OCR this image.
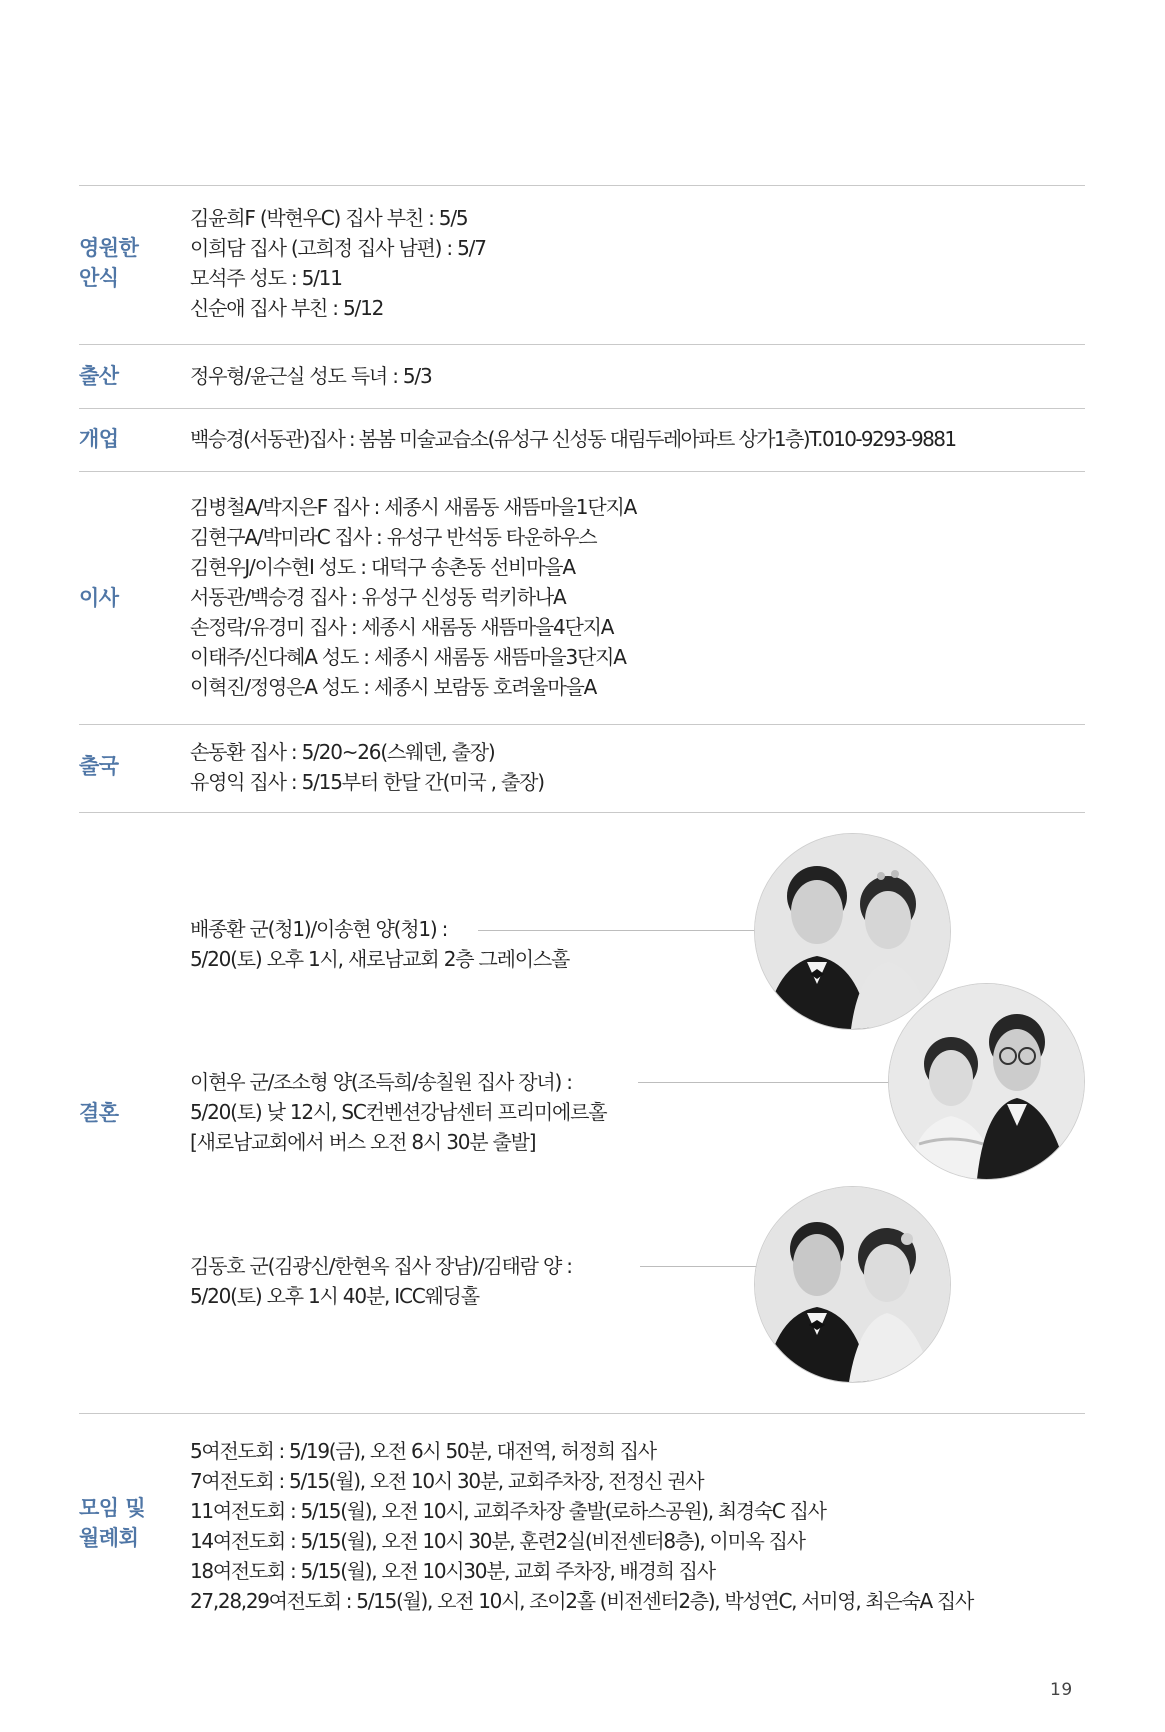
영원한
안식
김윤희F (박현우C) 집사 부친 : 5/5
이희담 집사 (고희정 집사 남편) : 5/7
모석주 성도 : 5/11
신순애 집사 부친 : 5/12
출산	정우형/윤근실 성도 득녀 : 5/3
개업	백승경(서동관)집사 : 봄봄 미술교습소(유성구 신성동 대림두레아파트 상가1층)T.010-9293-9881
이사
김병철A/박지은F 집사 : 세종시 새롬동 새뜸마을1단지A
김현구A/박미라C 집사 : 유성구 반석동 타운하우스
김현우J/이수현I 성도 : 대덕구 송촌동 선비마을A
서동관/백승경 집사 : 유성구 신성동 럭키하나A
손정락/유경미 집사 : 세종시 새롬동 새뜸마을4단지A
이태주/신다혜A 성도 : 세종시 새롬동 새뜸마을3단지A
이혁진/정영은A 성도 : 세종시 보람동 호려울마을A
출국
손동환 집사 : 5/20~26(스웨덴, 출장)
유영익 집사 : 5/15부터 한달 간(미국 , 출장)
결혼
배종환 군(청1)/이송현 양(청1) :
5/20(토) 오후 1시, 새로남교회 2층 그레이스홀
이현우 군/조소형 양(조득희/송칠원 집사 장녀) :
5/20(토) 낮 12시, SC컨벤션강남센터 프리미에르홀
[새로남교회에서 버스 오전 8시 30분 출발]
김동호 군(김광신/한현옥 집사 장남)/김태람 양 :
5/20(토) 오후 1시 40분, ICC웨딩홀
모임 및
월례회
5여전도회 : 5/19(금), 오전 6시 50분, 대전역, 허정희 집사
7여전도회 : 5/15(월), 오전 10시 30분, 교회주차장, 전정신 권사
11여전도회 : 5/15(월), 오전 10시, 교회주차장 출발(로하스공원), 최경숙C 집사
14여전도회 : 5/15(월), 오전 10시 30분, 훈련2실(비전센터8층), 이미옥 집사
18여전도회 : 5/15(월), 오전 10시30분, 교회 주차장, 배경희 집사
27,28,29여전도회 : 5/15(월), 오전 10시, 조이2홀 (비전센터2층), 박성연C, 서미영, 최은숙A 집사
19
